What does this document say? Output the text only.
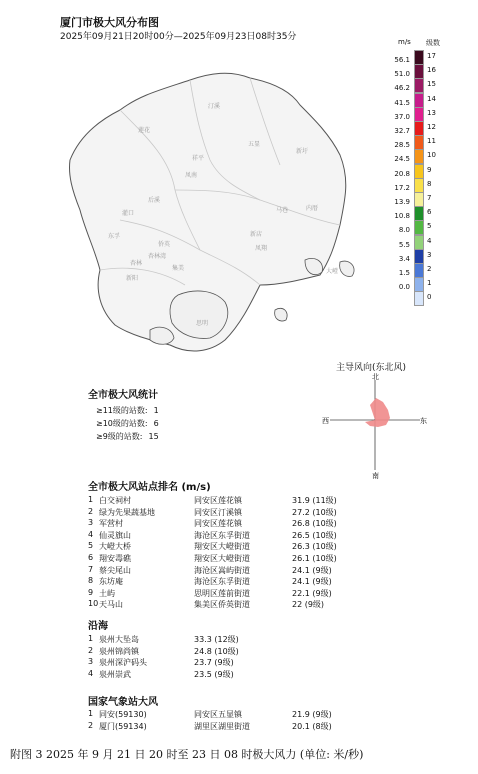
厦门市极大风分布图
2025年09月21日20时00分—2025年09月23日08时35分
汀溪
莲花
五显
新圩
祥平
凤南
内厝
灌口
后溪
新店
马巷
侨英
凤翔
杏林
东孚
大嶝
新阳
杏林湾
集美
思明
m/s 级数
56.1 17
51.0 16
46.2 15
41.5 14
37.0 13
32.7 12
28.5 11
24.5 10
20.8 9
17.2 8
13.9 7
10.8 6
8.0 5
5.5 4
3.4 3
1.5 2
0.0 1
0
主导风向(东北风)
北
南
西	东
全市极大风统计
≥11级的站数: 1
≥10级的站数: 6
≥9级的站数: 15
全市极大风站点排名 (m/s)
1 白交祠村	同安区莲花镇	31.9 (11级)
2 绿为先果蔬基地	同安区汀溪镇	27.2 (10级)
3 军营村	同安区莲花镇	26.8 (10级)
4 仙灵旗山	海沧区东孚街道	26.5 (10级)
5 大嶝大桥	翔安区大嶝街道	26.3 (10级)
6 翔安毒礁	翔安区大嶝街道	26.1 (10级)
7 蔡尖尾山	海沧区嵩屿街道	24.1 (9级)
8 东坊庵	海沧区东孚街道	24.1 (9级)
9 土屿	思明区莲前街道	22.1 (9级)
10 天马山	集美区侨英街道	22 (9级)
沿海
1 泉州大坠岛	33.3 (12级)
2 泉州锦尚镇	24.8 (10级)
3 泉州深沪码头	23.7 (9级)
4 泉州崇武	23.5 (9级)
国家气象站大风
1 同安(59130)	同安区五显镇	21.9 (9级)
2 厦门(59134)	湖里区湖里街道	20.1 (8级)
附图 3 2025 年 9 月 21 日 20 时至 23 日 08 时极大风力 (单位: 米/秒)
